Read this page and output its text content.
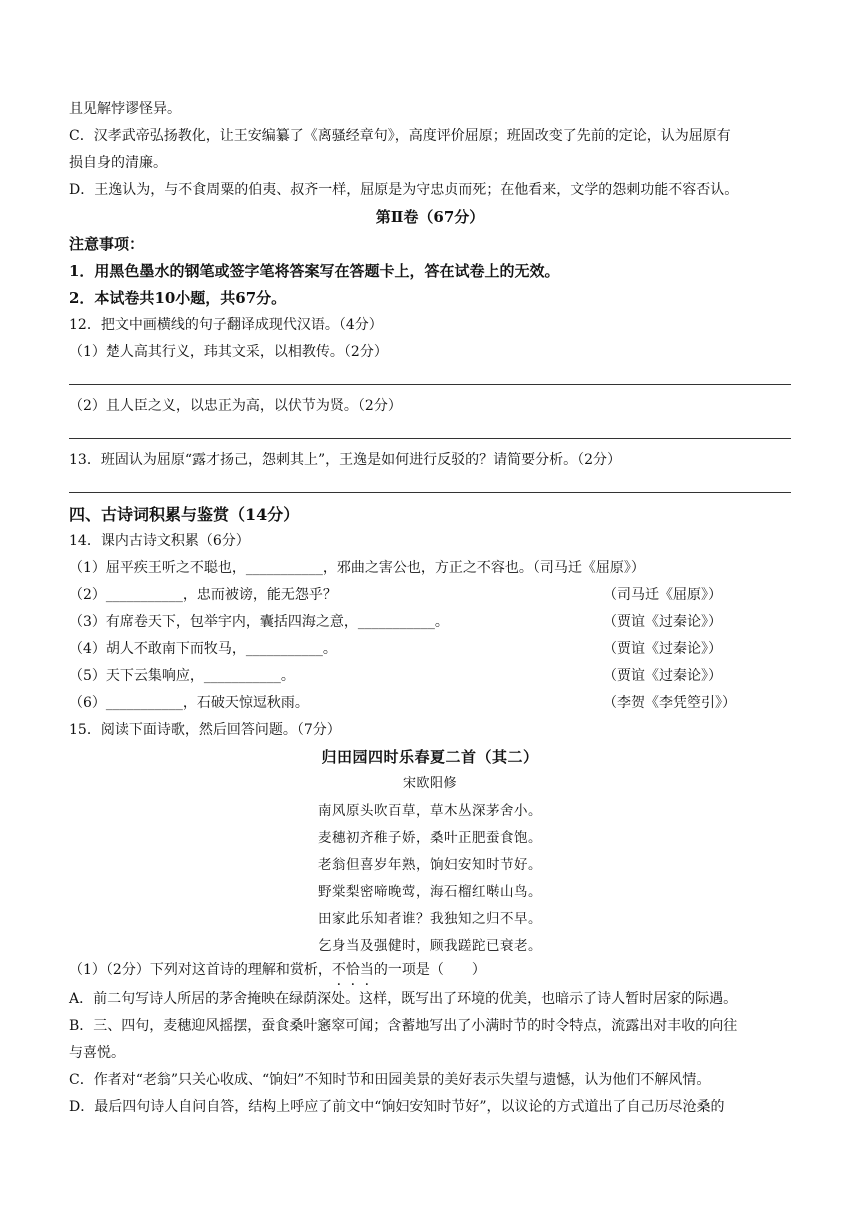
且见解悖谬怪异。
C．汉孝武帝弘扬教化，让王安编纂了《离骚经章句》，高度评价屈原；班固改变了先前的定论，认为屈原有
损自身的清廉。
D．王逸认为，与不食周粟的伯夷、叔齐一样，屈原是为守忠贞而死；在他看来，文学的怨刺功能不容否认。
第Ⅱ卷（67分）
注意事项：
1．用黑色墨水的钢笔或签字笔将答案写在答题卡上，答在试卷上的无效。
2．本试卷共10小题，共67分。
12．把文中画横线的句子翻译成现代汉语。（4分）
（1）楚人高其行义，玮其文采，以相教传。（2分）
（2）且人臣之义，以忠正为高，以伏节为贤。（2分）
13．班固认为屈原“露才扬己，怨刺其上”，王逸是如何进行反驳的？请简要分析。（2分）
四、古诗词积累与鉴赏（14分）
14．课内古诗文积累（6分）
（1）屈平疾王听之不聪也，___________，邪曲之害公也，方正之不容也。（司马迁《屈原》）
（2）___________，忠而被谤，能无怨乎？	（司马迁《屈原》）
（3）有席卷天下，包举宇内，囊括四海之意，___________。	（贾谊《过秦论》）
（4）胡人不敢南下而牧马，___________。	（贾谊《过秦论》）
（5）天下云集响应，___________。	（贾谊《过秦论》）
（6）___________，石破天惊逗秋雨。	（李贺《李凭箜引》）
15．阅读下面诗歌，然后回答问题。（7分）
归田园四时乐春夏二首（其二）
宋欧阳修
南风原头吹百草，草木丛深茅舍小。
麦穗初齐稚子娇，桑叶正肥蚕食饱。
老翁但喜岁年熟，饷妇安知时节好。
野棠梨密啼晚莺，海石榴红啭山鸟。
田家此乐知者谁？我独知之归不早。
乞身当及强健时，顾我蹉跎已衰老。
（1）（2分）下列对这首诗的理解和赏析，不恰当的一项是（　　）
A．前二句写诗人所居的茅舍掩映在绿荫深处。这样，既写出了环境的优美，也暗示了诗人暂时居家的际遇。
B．三、四句，麦穗迎风摇摆，蚕食桑叶窸窣可闻；含蓄地写出了小满时节的时令特点，流露出对丰收的向往
与喜悦。
C．作者对“老翁”只关心收成、“饷妇”不知时节和田园美景的美好表示失望与遗憾，认为他们不解风情。
D．最后四句诗人自问自答，结构上呼应了前文中“饷妇安知时节好”，以议论的方式道出了自己历尽沧桑的
